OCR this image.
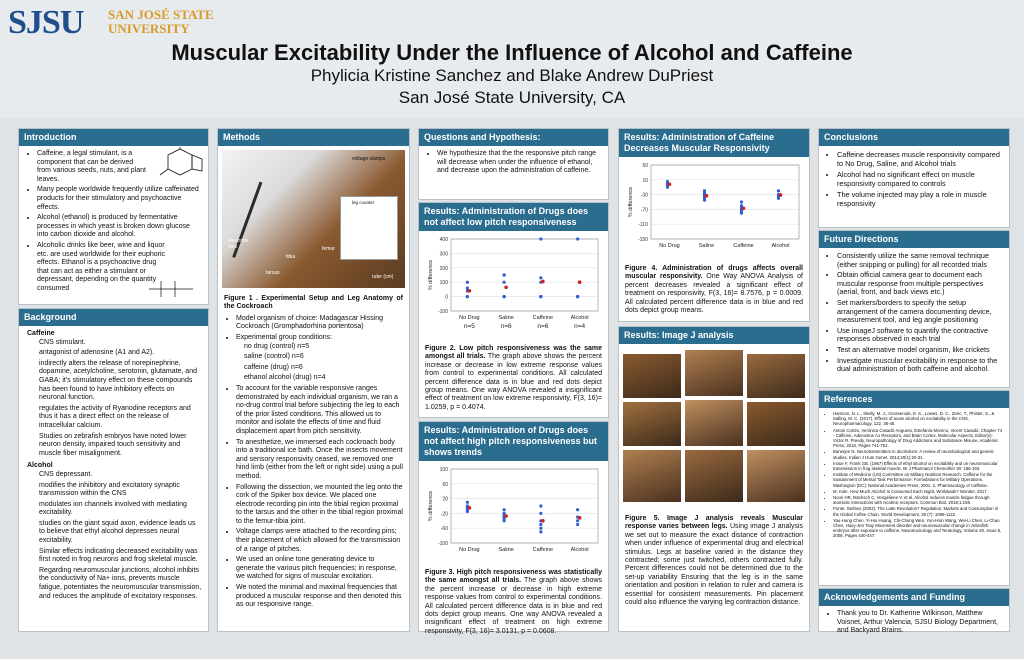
SJSU SAN JOSÉ STATE UNIVERSITY
Muscular Excitability Under the Influence of Alcohol and Caffeine
Phylicia Kristine Sanchez and Blake Andrew DuPriest
San José State University, CA
Introduction
• Caffeine, a legal stimulant, is a component that can be derived from various seeds, nuts, and plant leaves.
• Many people worldwide frequently utilize caffeinated products for their stimulatory and psychoactive effects.
• Alcohol (ethanol) is produced by fermentative processes in which yeast is broken down glucose into carbon dioxide and alcohol.
• Alcoholic drinks like beer, wine and liquor etc. are used worldwide for their euphoric effects. Ethanol is a psychoactive drug that can act as either a stimulant or depressant, depending on the quantity consumed
Background
Caffeine
CNS stimulant.
antagonist of adenosine (A1 and A2).
indirectly alters the release of norepinephrine, dopamine, acetylcholine, serotonin, glutamate, and GABA; it's stimulatory effect on these compounds has been found to have inhibitory effects on neuronal function.
regulates the activity of Ryanodine receptors and thus it has a direct effect on the release of intracellular calcium.
Studies on zebrafish embryos have noted lower neuron density, impaired touch sensitivity and muscle fiber misalignment.
Alcohol
CNS depressant.
modifies the inhibitory and excitatory synaptic transmission within the CNS
modulates ion channels involved with mediating excitability.
studies on the giant squid axon, evidence leads us to believe that ethyl alcohol depresses neural excitability.
Similar effects indicating decreased excitability was first noted in frog neurons and frog skeletal muscle.
Regarding neuromuscular junctions, alcohol inhibits the conductivity of Na+ ions, prevents muscle fatigue, potentiates the neuromuscular transmission, and reduces the amplitude of excitatory responses.
Methods
voltage clamps
leg counter
electrode pins
tibia
tarsus
femur
ruler (cm)
Figure 1 . Experimental Setup and Leg Anatomy of the Cockroach
• Model organism of choice: Madagascar Hissing Cockroach (Gromphadorhina portentosa)
• Experimental group conditions:
no drug (control) n=5
saline (control) n=6
caffeine (drug) n=6
ethanol alcohol (drug) n=4
• To account for the variable responsive ranges demonstrated by each individual organism, we ran a no-drug control trial before subjecting the leg to each of the prior listed conditions. This allowed us to monitor and isolate the effects of time and fluid displacement apart from pitch sensitivity.
• To anesthetize, we immersed each cockroach body into a traditional ice bath. Once the insects movement and sensory responsivity ceased, we removed one hind limb (either from the left or right side) using a pull method.
• Following the dissection, we mounted the leg onto the cork of the Spiker box device. We placed one electrode recording pin into the tibial region proximal to the tarsus and the other in the tibial region proximal to the femur-tibia joint.
• Voltage clamps were attached to the recording pins; their placement of which allowed for the transmission of a range of pitches.
• We used an online tone generating device to generate the various pitch frequencies; in response, we watched for signs of muscular excitation.
• We noted the minimal and maximal frequencies that produced a muscular response and then denoted this as our responsive range.
Questions and Hypothesis:
• We hypothesize that the the responsive pitch range will decrease when under the influence of ethanol, and decrease upon the administration of caffeine.
Results: Administration of Drugs does not affect low pitch responsiveness
-100
0
100
200
300
400
% difference
No Drug
n=5
Saline
n=6
Caffeine
n=6
Alcohol
n=4
Figure 2. Low pitch responsiveness was the same amongst all trials. The graph above shows the percent increase or decrease in low extreme response values from control to experimental conditions. All calculated percent difference data is in blue and red dots depict group means. One way ANOVA revealed a insignificant effect of treatment on low extreme responsivity, F(3, 16)= 1.0259, p = 0.4074.
Results: Administration of Drugs does not affect high pitch responsiveness but shows trends
-100
-60
-20
20
60
100
% difference
No Drug	Saline	Caffeine	Alcohol
Figure 3. High pitch responsiveness was statistically the same amongst all trials. The graph above shows the percent increase or decrease in high extreme response values from control to experimental conditions. All calculated percent difference data is in blue and red dots depict group means. One way ANOVA revealed a insignificant effect of treatment on high extreme responsivity, F(3, 16)= 3.0131, p = 0.0608.
Results: Administration of Caffeine Decreases Muscular Responsivity
-150
-110
-70
-30
10
50
% difference
No Drug	Saline	Caffeine	Alcohol
Figure 4. Administration of drugs affects overall muscular responsivity. One Way ANOVA Analysis of percent decreases revealed a significant effect of treatment on responsivity, F(3, 16)= 8.7576, p = 0.0009. All calculated percent difference data is in blue and red dots depict group means.
Results: Image J analysis
Figure 5. Image J analysis reveals Muscular response varies between legs. Using image J analysis we set out to measure the exact distance of contraction when under influence of experimental drug and electrical stimulus. Legs at baseline varied in the distance they contracted; some just twitched, others contracted fully. Percent differences could not be determined due to the set-up variability Ensuring that the leg is in the same orientation and position in relation to ruler and camera is essential for consistent measurements. Pin placement could also influence the varying leg contraction distance.
Conclusions
• Caffeine decreases muscle responsivity compared to No Drug, Saline, and Alcohol trials
• Alcohol had no significant effect on muscle responsivity compared to controls
• The volume injected may play a role in muscle responsivity
Future Directions
• Consistently utilize the same removal technique (either snipping or pulling) for all recorded trials
• Obtain official camera gear to document each muscular response from multiple perspectives (aerial, front, and back views etc.)
• Set markers/borders to specify the setup arrangement of the camera documenting device, measurement tool, and leg angle positioning
• Use imageJ software to quantify the contractive responses observed in each trial
• Test an alternative model organism, like crickets
• Investigate muscular excitability in response to the dual administration of both caffeine and alcohol.
References
• Harrison, N. L., Skelly, M. J., Grosserode, E. K., Lowes, D. C., Zeric, T., Phister, S., & Salling, M. C. (2017). Effects of acute alcohol on excitability in the CNS. Neuropharmacology, 122, 36-45.
• Antoni Cortés, Verónica Casadó-Anguera, Estefanía Moreno, Vicent Casadó, Chapter 74 - Caffeine, Adenosine A1 Receptors, and Brain Cortex, Molecular Aspects, Editor(s): Victor R. Preedy, Neuropathology of Drug Addictions and Substance Misuse, Academic Press, 2016, Pages 741-752.
• Banerjee N. Neurotransmitters in alcoholism: A review of neurobiological and genetic studies. Indian J Hum Genet. 2014;20(1):20-31.
• Inoue F, Frank GB. (1967) Effects of ethyl alcohol on excitability and on neuromuscular transmission in frog skeletal muscle. Br J Pharmacol Chemother 30: 186-193.
• Institute of Medicine (US) Committee on Military Nutrition Research. Caffeine for the Sustainment of Mental Task Performance: Formulations for Military Operations. Washington (DC): National Academies Press; 2001. 2, Pharmacology of Caffeine.
• M. Kole. How Much Alcohol Is Consumed Each Night, Worldwide? Wonder, 2017.
• Noori HR, Mücksch C, Vengeliene V, et al. Alcohol reduces muscle fatigue through atomistic interactions with nicotinic receptors. Commun Biol. 2018;1:159.
• Ponte, Stefano (2002). The Latte Revolution? Regulation, Markets and Consumption in the Global Coffee Chain. World Development. 30 (7): 1099-1122.
• Yau-Hung Chen, Yi-Hui Huang, Chi-Chung Wen, Yun-Hsin Wang, Wei-Li Chen, Li-Chao Chen, Huey-Jen Tsay Movement disorder and neuromuscular change in zebrafish embryos after exposure to caffeine, Neurotoxicology and Teratology, Volume 30, Issue 5, 2008, Pages 440-447.
Acknowledgements and Funding
• Thank you to Dr. Katherine Wilkinson, Matthew Voisnet, Arthur Valencia, SJSU Biology Department, and Backyard Brains.
